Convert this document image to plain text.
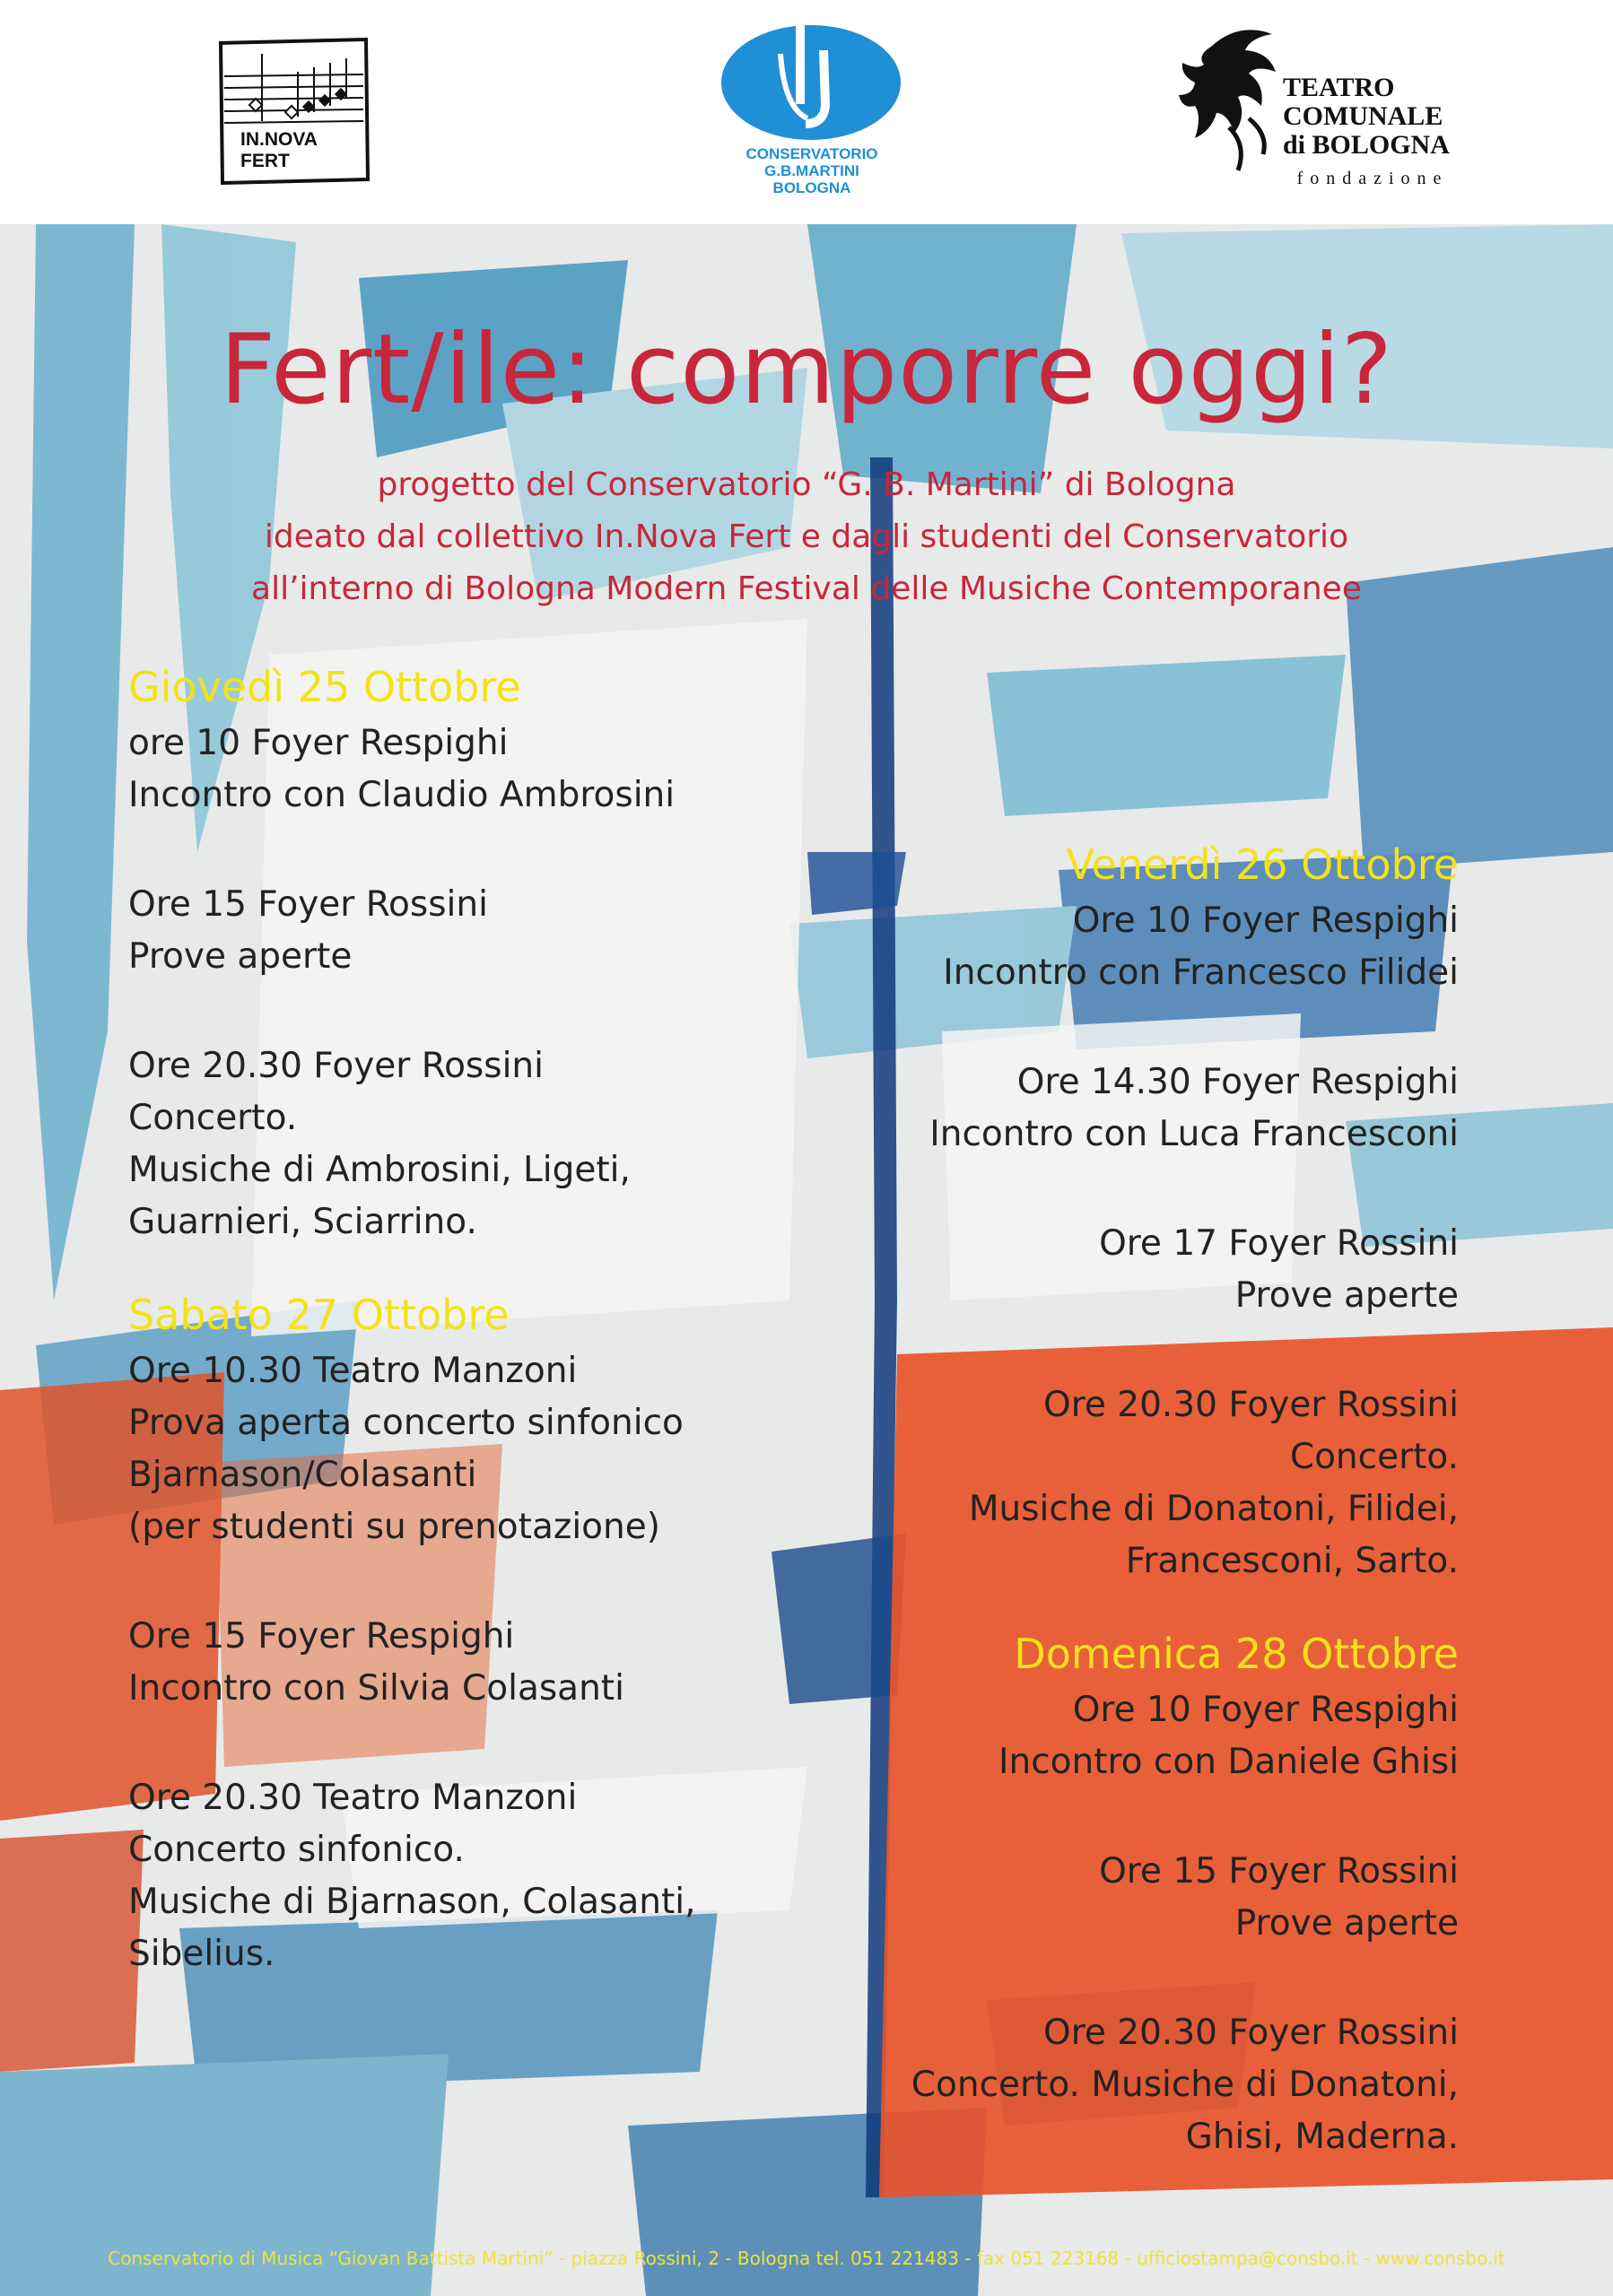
IN.NOVA
FERT	CONSERVATORIO
G.B.MARTINI
BOLOGNA
TEATRO
COMUNALE
di BOLOGNA
fondazione
Fert/ile: comporre oggi?
progetto del Conservatorio “G. B. Martini” di Bologna
ideato dal collettivo In.Nova Fert e dagli studenti del Conservatorio
all’interno di Bologna Modern Festival delle Musiche Contemporanee
Giovedì 25 Ottobre
ore 10 Foyer Respighi
Incontro con Claudio Ambrosini
Ore 15 Foyer Rossini
Prove aperte
Ore 20.30 Foyer Rossini
Concerto.
Musiche di Ambrosini, Ligeti,
Guarnieri, Sciarrino.
Sabato 27 Ottobre
Ore 10.30 Teatro Manzoni
Prova aperta concerto sinfonico
Bjarnason/Colasanti
(per studenti su prenotazione)
Ore 15 Foyer Respighi
Incontro con Silvia Colasanti
Ore 20.30 Teatro Manzoni
Concerto sinfonico.
Musiche di Bjarnason, Colasanti,
Sibelius.
Venerdì 26 Ottobre
Ore 10 Foyer Respighi
Incontro con Francesco Filidei
Ore 14.30 Foyer Respighi
Incontro con Luca Francesconi
Ore 17 Foyer Rossini
Prove aperte
Ore 20.30 Foyer Rossini
Concerto.
Musiche di Donatoni, Filidei,
Francesconi, Sarto.
Domenica 28 Ottobre
Ore 10 Foyer Respighi
Incontro con Daniele Ghisi
Ore 15 Foyer Rossini
Prove aperte
Ore 20.30 Foyer Rossini
Concerto. Musiche di Donatoni,
Ghisi, Maderna.
Conservatorio di Musica “Giovan Battista Martini” - piazza Rossini, 2 - Bologna tel. 051 221483 - fax 051 223168 - ufficiostampa@consbo.it - www.consbo.it
